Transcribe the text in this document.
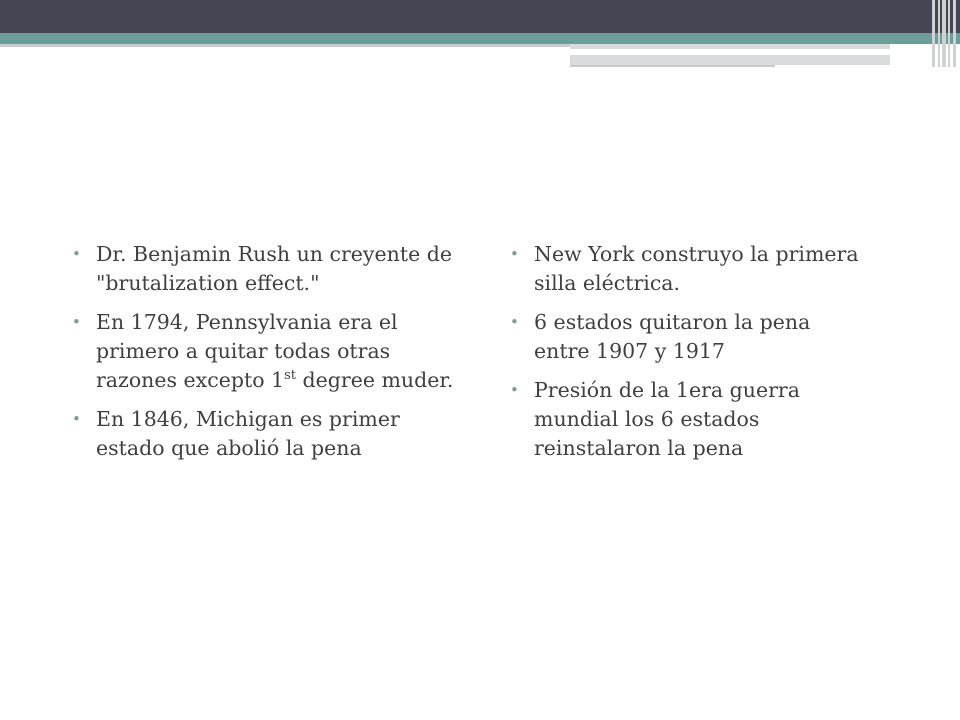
• Dr. Benjamin Rush un creyente de "brutalization effect."
• En 1794, Pennsylvania era el primero a quitar todas otras razones excepto 1st degree muder.
• En 1846, Michigan es primer estado que abolió la pena
• New York construyo la primera silla eléctrica.
• 6 estados quitaron la pena entre 1907 y 1917
• Presión de la 1era guerra mundial los 6 estados reinstalaron la pena
